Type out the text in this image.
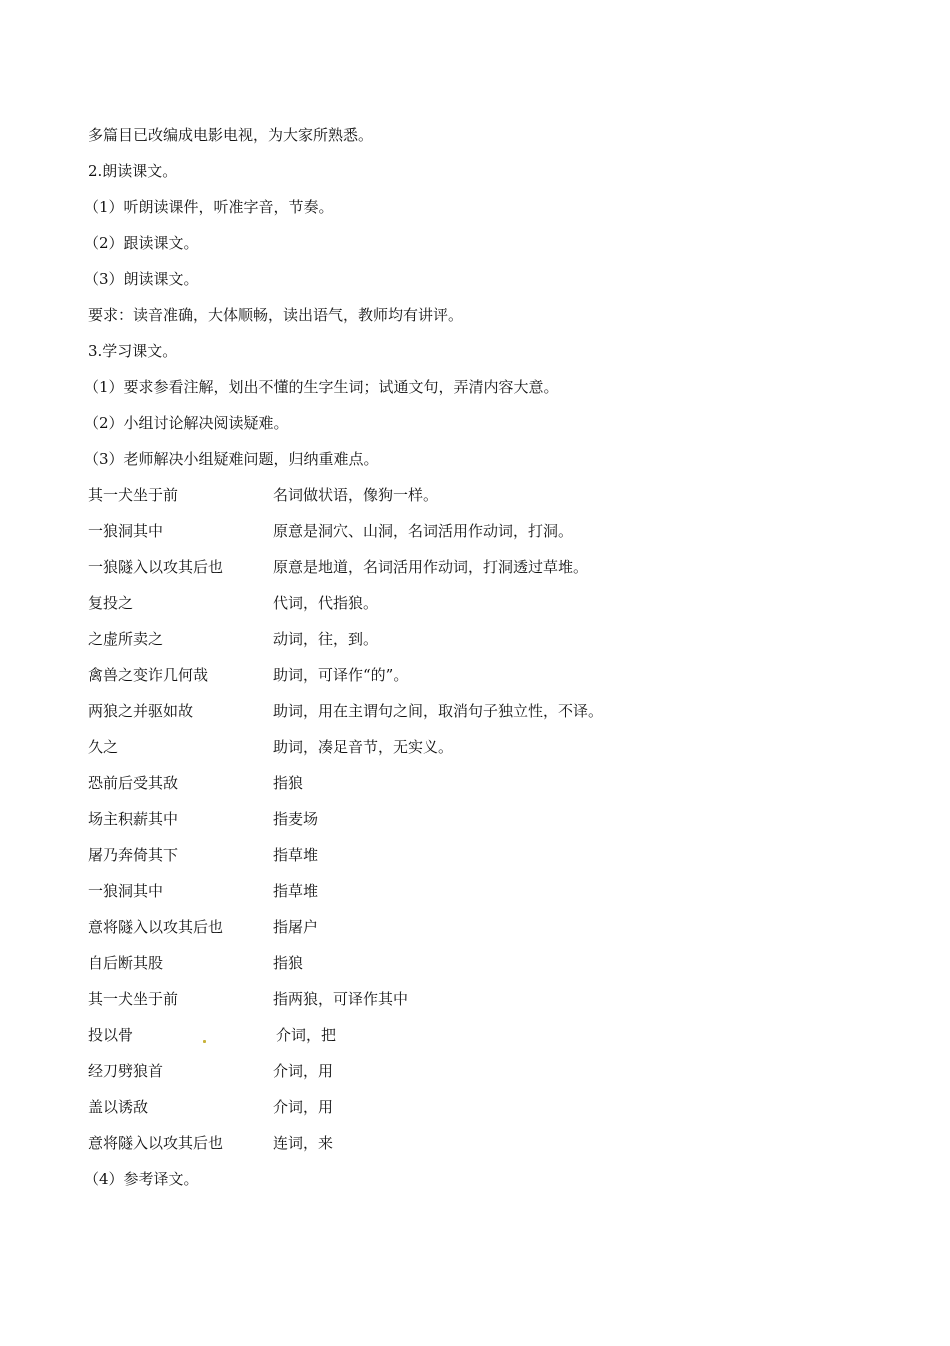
多篇目已改编成电影电视，为大家所熟悉。
2.朗读课文。
（1）听朗读课件，听准字音，节奏。
（2）跟读课文。
（3）朗读课文。
要求：读音准确，大体顺畅，读出语气，教师均有讲评。
3.学习课文。
（1）要求参看注解，划出不懂的生字生词；试通文句，弄清内容大意。
（2）小组讨论解决阅读疑难。
（3）老师解决小组疑难问题，归纳重难点。
其一犬坐于前	名词做状语，像狗一样。
一狼洞其中	原意是洞穴、山洞，名词活用作动词，打洞。
一狼隧入以攻其后也	原意是地道，名词活用作动词，打洞透过草堆。
复投之	代词，代指狼。
之虚所卖之	动词，往，到。
禽兽之变诈几何哉	助词，可译作“的”。
两狼之并驱如故	助词，用在主谓句之间，取消句子独立性，不译。
久之	助词，凑足音节，无实义。
恐前后受其敌	指狼
场主积薪其中	指麦场
屠乃奔倚其下	指草堆
一狼洞其中	指草堆
意将隧入以攻其后也	指屠户
自后断其股	指狼
其一犬坐于前	指两狼，可译作其中
投以骨	介词，把
经刀劈狼首	介词，用
盖以诱敌	介词，用
意将隧入以攻其后也	连词，来
（4）参考译文。
